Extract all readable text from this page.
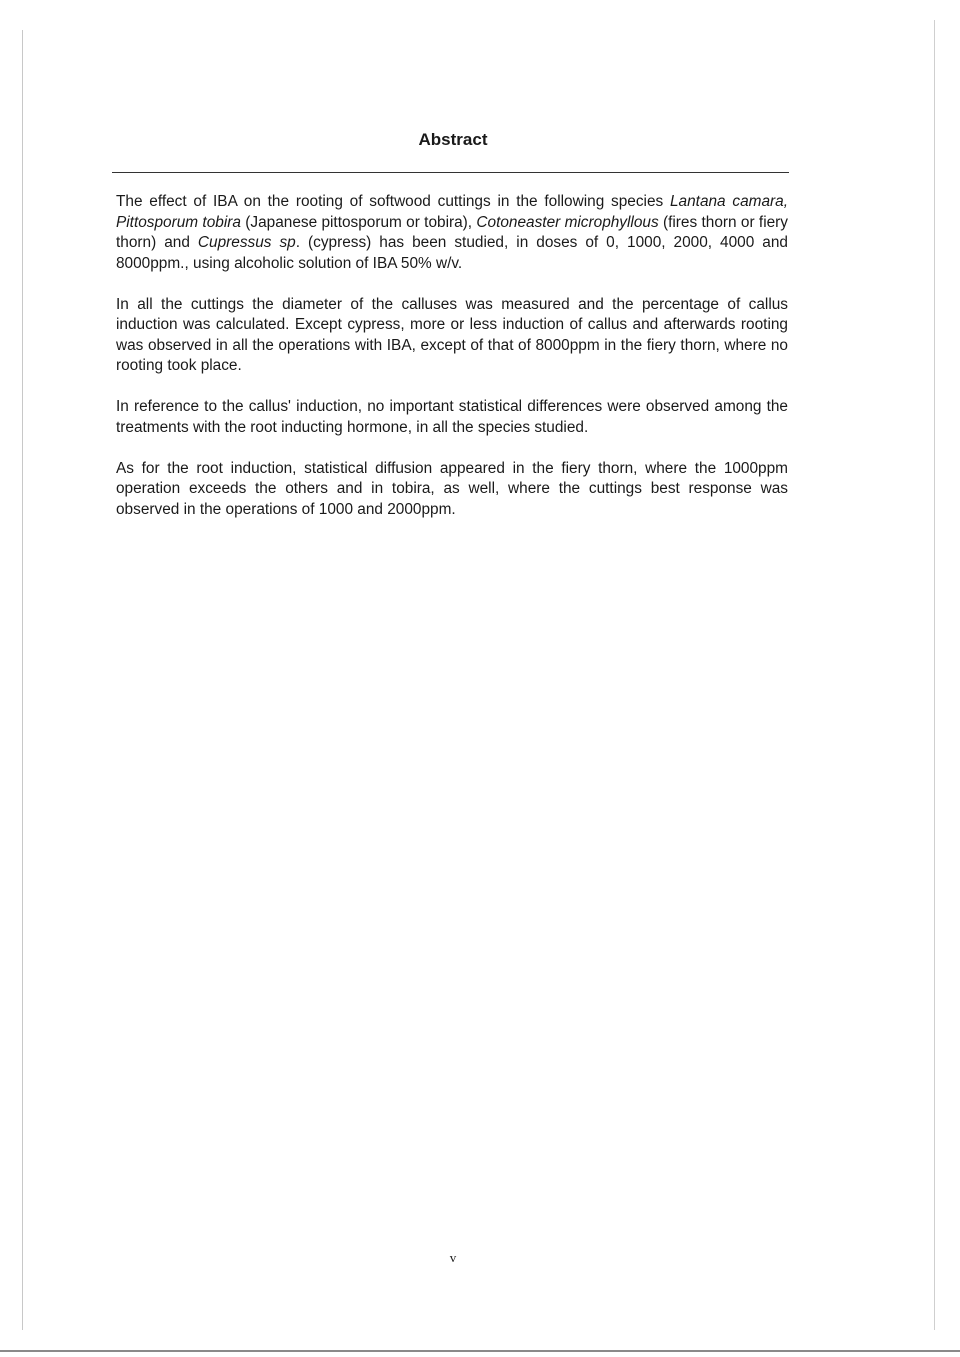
Abstract

The effect of IBA on the rooting of softwood cuttings in the following species Lantana camara, Pittosporum tobira (Japanese pittosporum or tobira), Cotoneaster microphyllous (fires thorn or fiery thorn) and Cupressus sp. (cypress) has been studied, in doses of 0, 1000, 2000, 4000 and 8000ppm., using alcoholic solution of IBA 50% w/v.

In all the cuttings the diameter of the calluses was measured and the percentage of callus induction was calculated. Except cypress, more or less induction of callus and afterwards rooting was observed in all the operations with IBA, except of that of 8000ppm in the fiery thorn, where no rooting took place.

In reference to the callus' induction, no important statistical differences were observed among the treatments with the root inducting hormone, in all the species studied.

As for the root induction, statistical diffusion appeared in the fiery thorn, where the 1000ppm operation exceeds the others and in tobira, as well, where the cuttings best response was observed in the operations of 1000 and 2000ppm.

v
